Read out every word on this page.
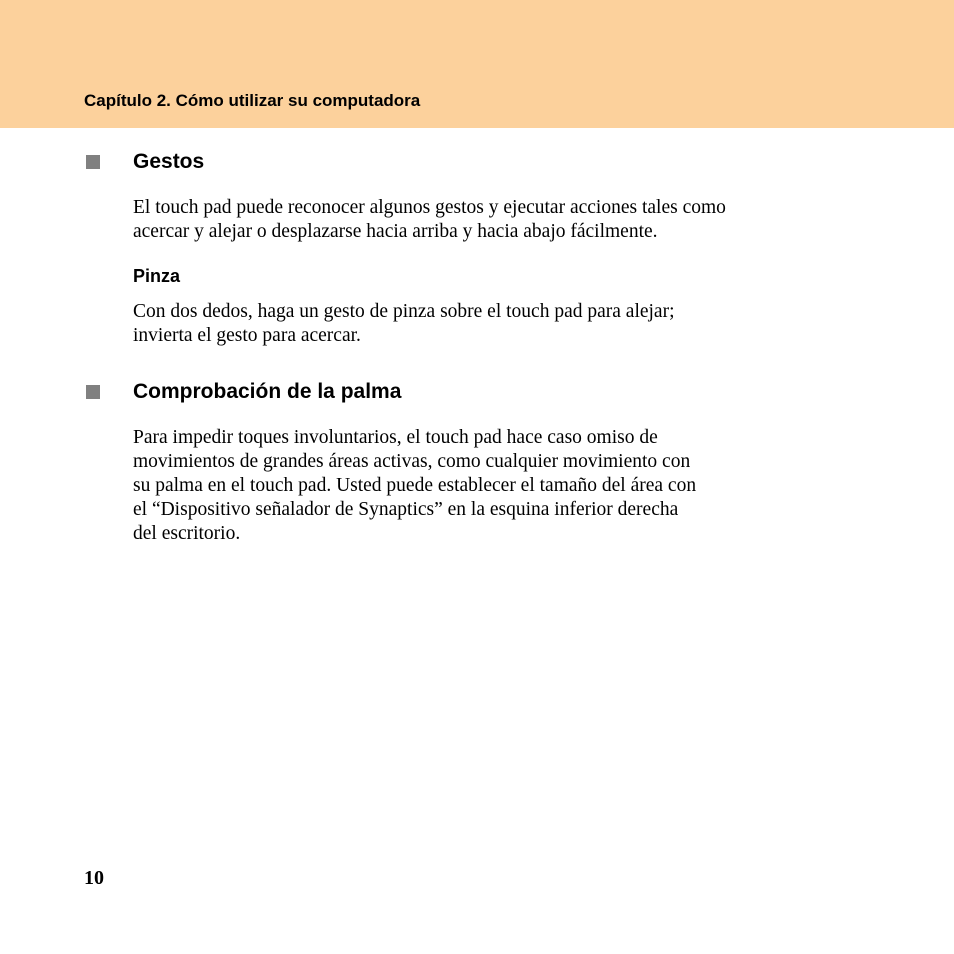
Capítulo 2. Cómo utilizar su computadora
Gestos

El touch pad puede reconocer algunos gestos y ejecutar acciones tales como
acercar y alejar o desplazarse hacia arriba y hacia abajo fácilmente.

Pinza

Con dos dedos, haga un gesto de pinza sobre el touch pad para alejar;
invierta el gesto para acercar.

Comprobación de la palma

Para impedir toques involuntarios, el touch pad hace caso omiso de
movimientos de grandes áreas activas, como cualquier movimiento con
su palma en el touch pad. Usted puede establecer el tamaño del área con
el “Dispositivo señalador de Synaptics” en la esquina inferior derecha
del escritorio.

10
